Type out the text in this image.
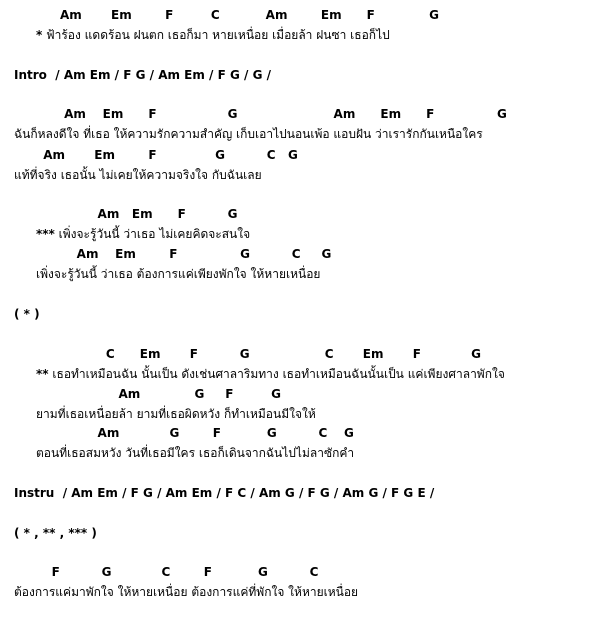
Am       Em        F         C           Am        Em      F             G
* ฟ้าร้อง แดดร้อน ฝนตก เธอก็มา หายเหนื่อย เมื่อยล้า ฝนซา เธอก็ไป
Intro  / Am Em / F G / Am Em / F G / G /
Am    Em      F                 G                       Am      Em      F               G
ฉันก็หลงดีใจ ที่เธอ ให้ความรักความสำคัญ เก็บเอาไปนอนเพ้อ แอบฝัน ว่าเรารักกันเหนือใคร
Am       Em        F              G          C   G
แท้ที่จริง เธอนั้น ไม่เคยให้ความจริงใจ กับฉันเลย
Am   Em      F          G
*** เพิ่งจะรู้วันนี้ ว่าเธอ ไม่เคยคิดจะสนใจ
Am    Em        F               G          C     G
เพิ่งจะรู้วันนี้ ว่าเธอ ต้องการแค่เพียงพักใจ ให้หายเหนื่อย
( * )
C      Em       F          G                  C       Em       F            G
** เธอทำเหมือนฉัน นั้นเป็น ดังเช่นศาลาริมทาง เธอทำเหมือนฉันนั้นเป็น แค่เพียงศาลาพักใจ
Am             G     F         G
ยามที่เธอเหนื่อยล้า ยามที่เธอผิดหวัง ก็ทำเหมือนมีใจให้
Am            G        F           G          C    G
ตอนที่เธอสมหวัง วันที่เธอมีใคร เธอก็เดินจากฉันไปไม่ลาซักคำ
Instru  / Am Em / F G / Am Em / F C / Am G / F G / Am G / F G E /
( * , ** , *** )
F          G            C        F           G          C
ต้องการแค่มาพักใจ ให้หายเหนื่อย ต้องการแค่ที่พักใจ ให้หายเหนื่อย
